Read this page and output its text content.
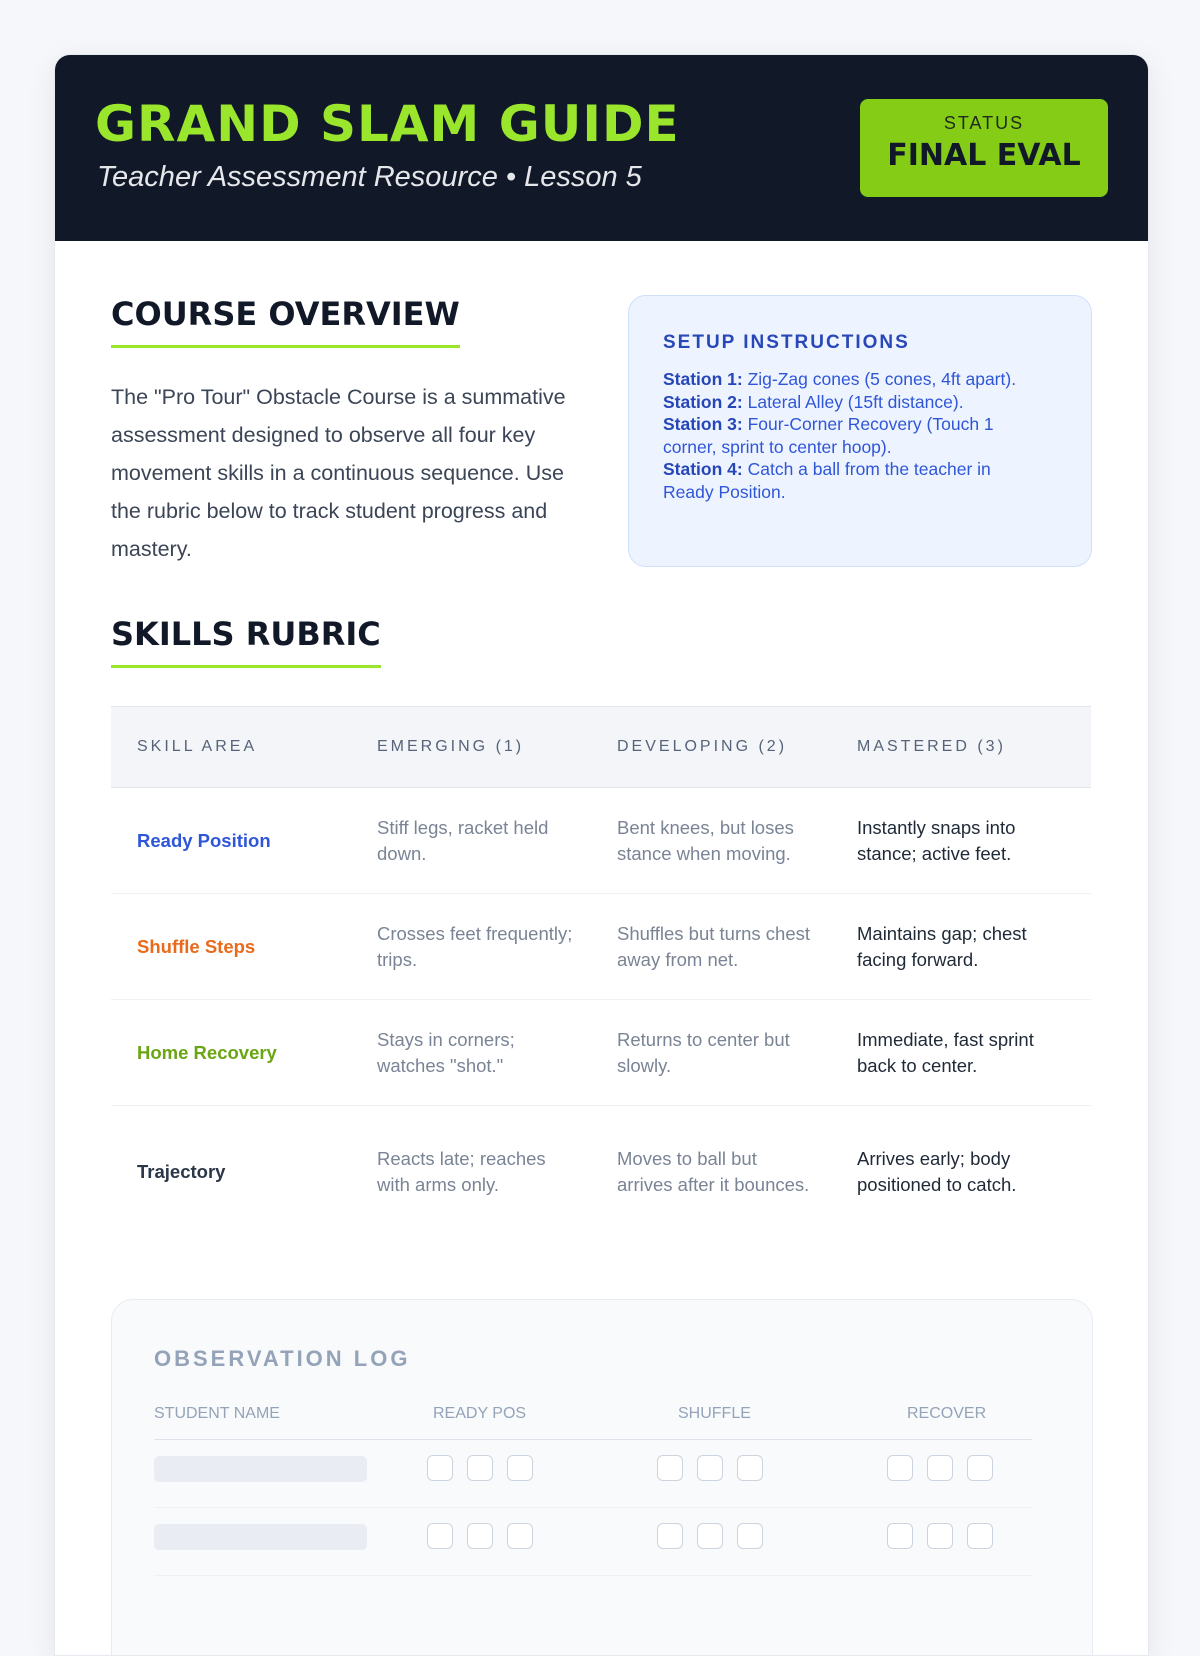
GRAND SLAM GUIDE
Teacher Assessment Resource • Lesson 5
STATUS
FINAL EVAL
COURSE OVERVIEW
The "Pro Tour" Obstacle Course is a summative assessment designed to observe all four key movement skills in a continuous sequence. Use the rubric below to track student progress and mastery.
SETUP INSTRUCTIONS
Station 1: Zig-Zag cones (5 cones, 4ft apart).
Station 2: Lateral Alley (15ft distance).
Station 3: Four-Corner Recovery (Touch 1 corner, sprint to center hoop).
Station 4: Catch a ball from the teacher in Ready Position.
SKILLS RUBRIC
SKILL AREA	EMERGING (1)	DEVELOPING (2)	MASTERED (3)
Ready Position	Stiff legs, racket held down.	Bent knees, but loses stance when moving.	Instantly snaps into stance; active feet.
Shuffle Steps	Crosses feet frequently; trips.	Shuffles but turns chest away from net.	Maintains gap; chest facing forward.
Home Recovery	Stays in corners; watches "shot."	Returns to center but slowly.	Immediate, fast sprint back to center.
Trajectory	Reacts late; reaches with arms only.	Moves to ball but arrives after it bounces.	Arrives early; body positioned to catch.
OBSERVATION LOG
STUDENT NAME	READY POS	SHUFFLE	RECOVER
